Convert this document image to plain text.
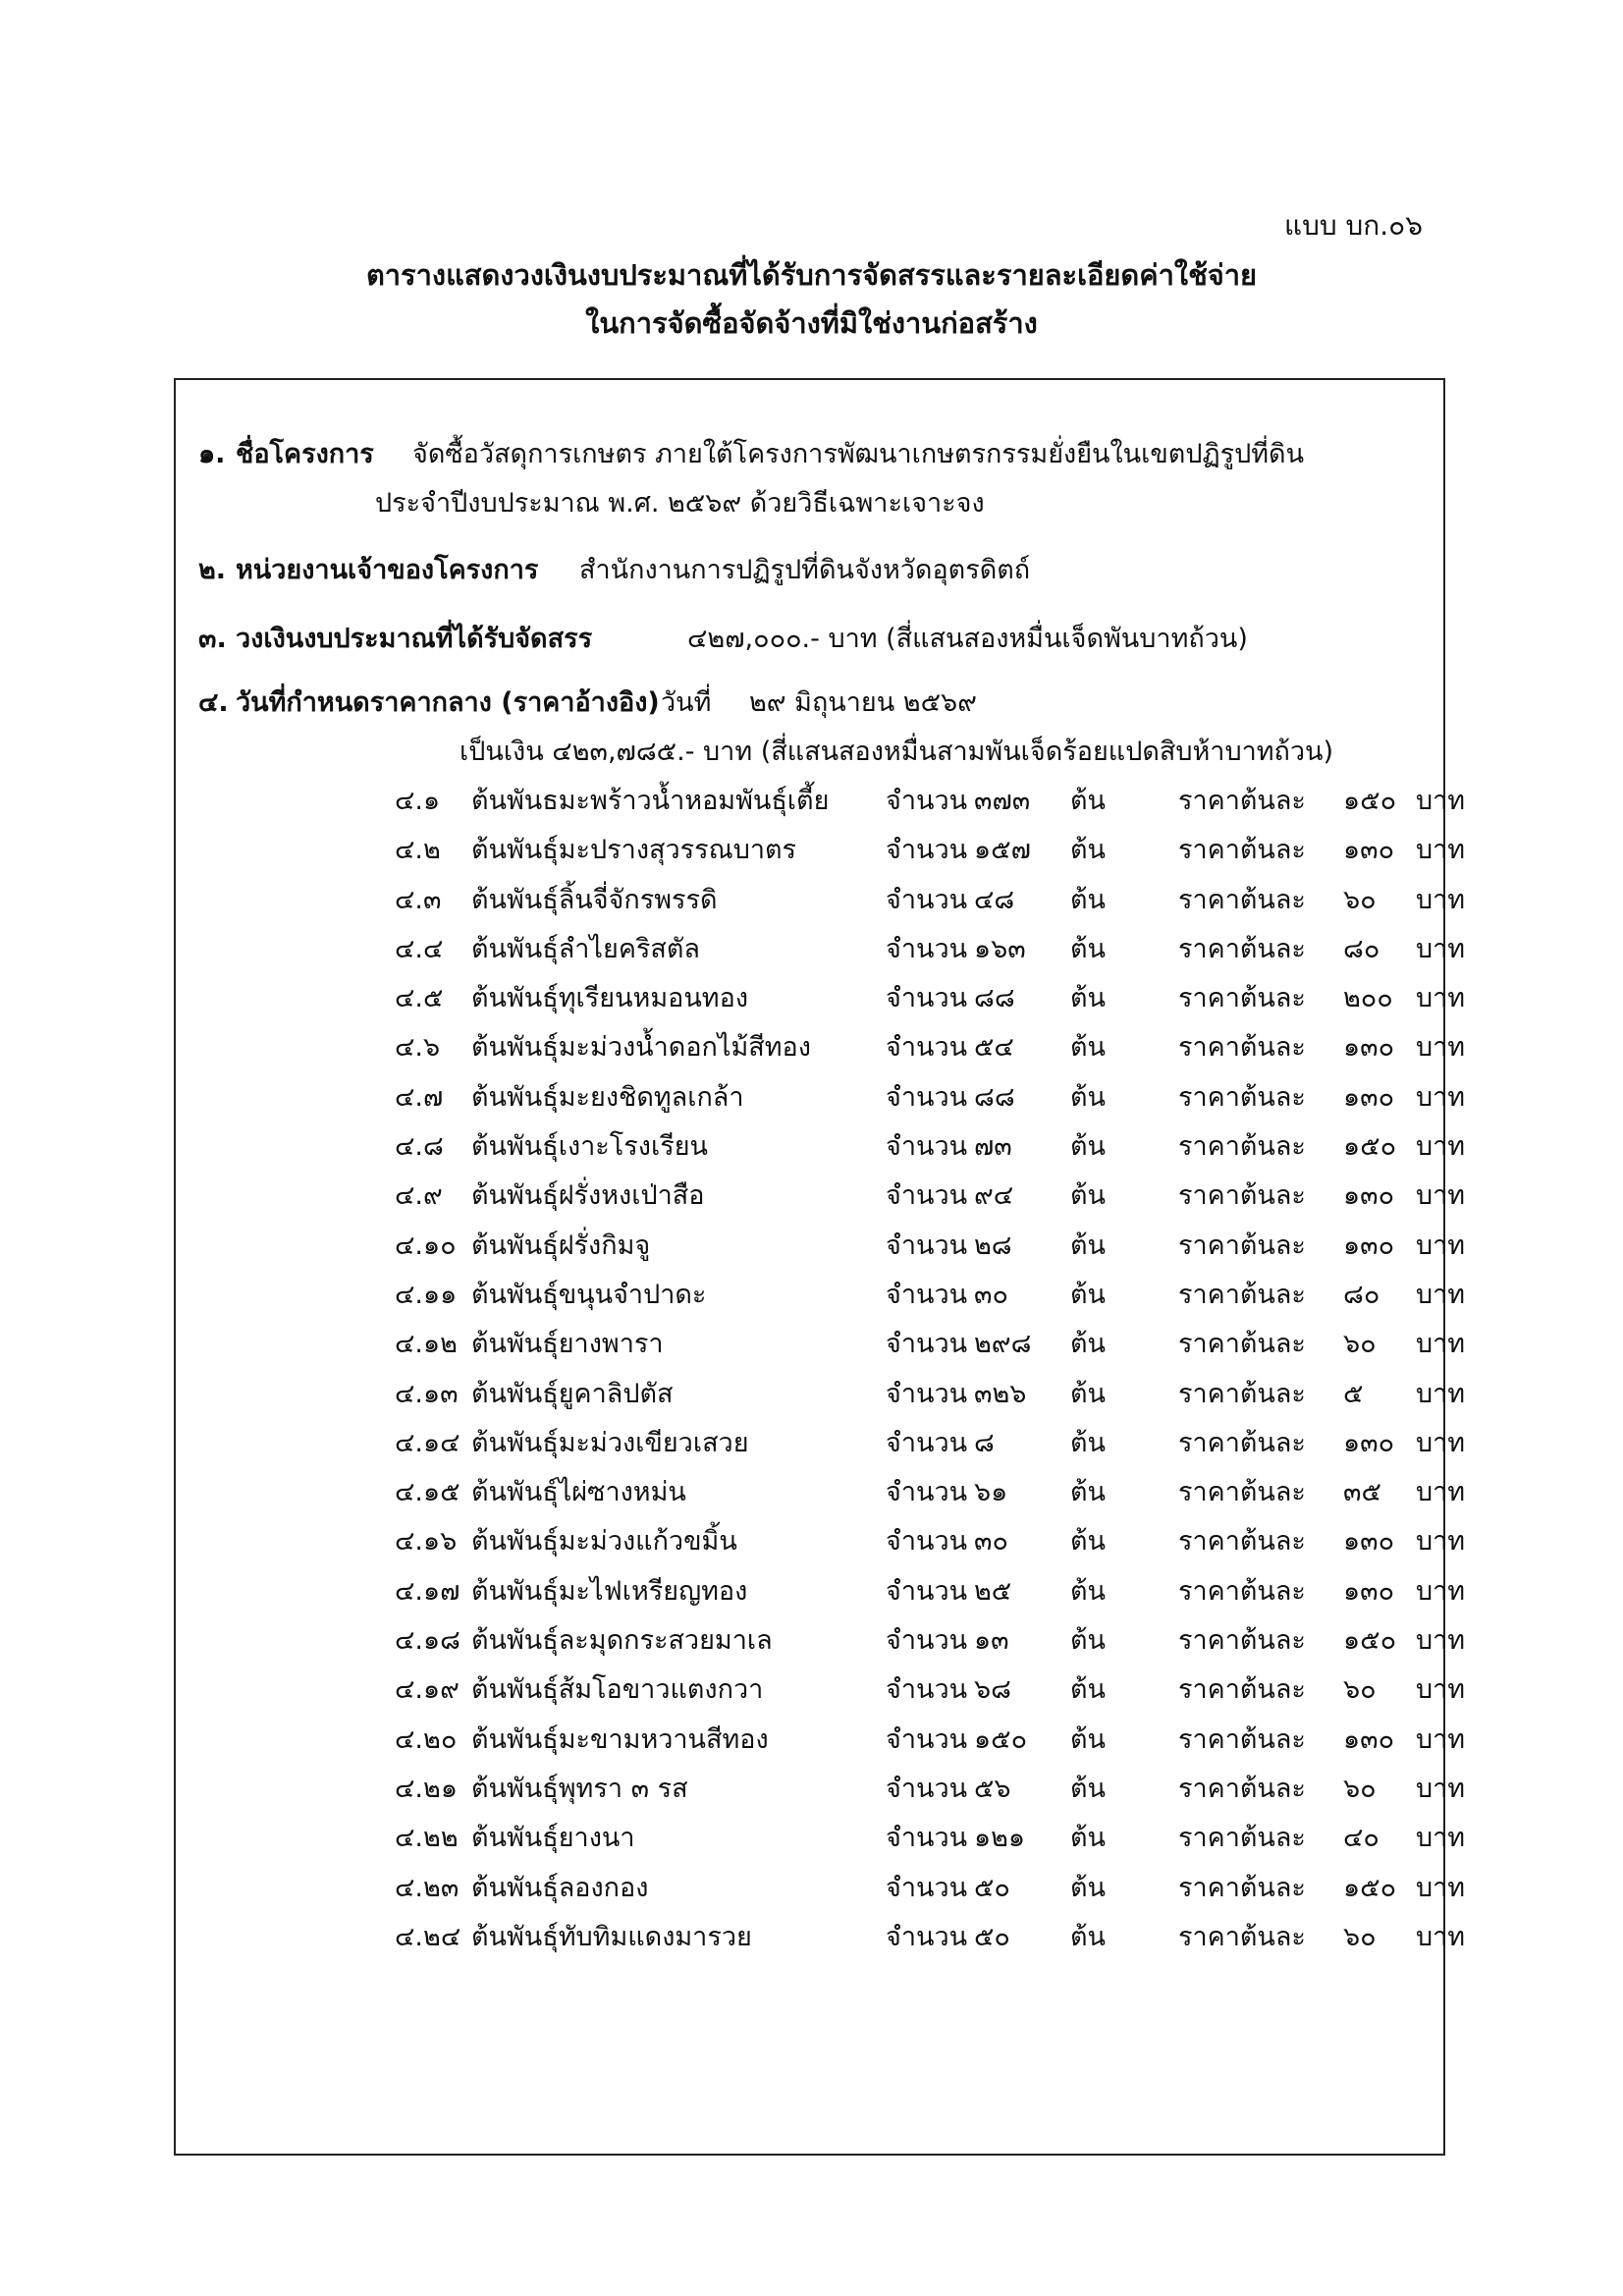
แบบ บก.๐๖
ตารางแสดงวงเงินงบประมาณที่ได้รับการจัดสรรและรายละเอียดค่าใช้จ่าย
ในการจัดซื้อจัดจ้างที่มิใช่งานก่อสร้าง
๑. ชื่อโครงการ จัดซื้อวัสดุการเกษตร ภายใต้โครงการพัฒนาเกษตรกรรมยั่งยืนในเขตปฏิรูปที่ดิน
ประจำปีงบประมาณ พ.ศ. ๒๕๖๙ ด้วยวิธีเฉพาะเจาะจง
๒. หน่วยงานเจ้าของโครงการ สำนักงานการปฏิรูปที่ดินจังหวัดอุตรดิตถ์
๓. วงเงินงบประมาณที่ได้รับจัดสรร	๔๒๗,๐๐๐.- บาท (สี่แสนสองหมื่นเจ็ดพันบาทถ้วน)
๔. วันที่กำหนดราคากลาง (ราคาอ้างอิง) วันที่ ๒๙ มิถุนายน ๒๕๖๙
เป็นเงิน ๔๒๓,๗๘๕.- บาท (สี่แสนสองหมื่นสามพันเจ็ดร้อยแปดสิบห้าบาทถ้วน)
๔.๑ ต้นพันธมะพร้าวน้ำหอมพันธุ์เตี้ย จำนวน ๓๗๓ ต้น	ราคาต้นละ ๑๕๐ บาท
๔.๒ ต้นพันธุ์มะปรางสุวรรณบาตร	จำนวน ๑๕๗ ต้น	ราคาต้นละ ๑๓๐ บาท
๔.๓ ต้นพันธุ์ลิ้นจี่จักรพรรดิ	จำนวน ๔๘ ต้น	ราคาต้นละ ๖๐ บาท
๔.๔ ต้นพันธุ์ลำไยคริสตัล	จำนวน ๑๖๓ ต้น	ราคาต้นละ ๘๐ บาท
๔.๕ ต้นพันธุ์ทุเรียนหมอนทอง	จำนวน ๘๘ ต้น	ราคาต้นละ ๒๐๐ บาท
๔.๖ ต้นพันธุ์มะม่วงน้ำดอกไม้สีทอง	จำนวน ๕๔ ต้น	ราคาต้นละ ๑๓๐ บาท
๔.๗ ต้นพันธุ์มะยงชิดทูลเกล้า	จำนวน ๘๘ ต้น	ราคาต้นละ ๑๓๐ บาท
๔.๘ ต้นพันธุ์เงาะโรงเรียน	จำนวน ๗๓ ต้น	ราคาต้นละ ๑๕๐ บาท
๔.๙ ต้นพันธุ์ฝรั่งหงเป่าสือ	จำนวน ๙๔ ต้น	ราคาต้นละ ๑๓๐ บาท
๔.๑๐ ต้นพันธุ์ฝรั่งกิมจู	จำนวน ๒๘ ต้น	ราคาต้นละ ๑๓๐ บาท
๔.๑๑ ต้นพันธุ์ขนุนจำปาดะ	จำนวน ๓๐ ต้น	ราคาต้นละ ๘๐ บาท
๔.๑๒ ต้นพันธุ์ยางพารา	จำนวน ๒๙๘ ต้น	ราคาต้นละ ๖๐ บาท
๔.๑๓ ต้นพันธุ์ยูคาลิปตัส	จำนวน ๓๒๖ ต้น	ราคาต้นละ ๕ บาท
๔.๑๔ ต้นพันธุ์มะม่วงเขียวเสวย	จำนวน ๘	ต้น	ราคาต้นละ ๑๓๐ บาท
๔.๑๕ ต้นพันธุ์ไผ่ซางหม่น	จำนวน ๖๑ ต้น	ราคาต้นละ ๓๕ บาท
๔.๑๖ ต้นพันธุ์มะม่วงแก้วขมิ้น	จำนวน ๓๐ ต้น	ราคาต้นละ ๑๓๐ บาท
๔.๑๗ ต้นพันธุ์มะไฟเหรียญทอง	จำนวน ๒๕ ต้น	ราคาต้นละ ๑๓๐ บาท
๔.๑๘ ต้นพันธุ์ละมุดกระสวยมาเล	จำนวน ๑๓ ต้น	ราคาต้นละ ๑๕๐ บาท
๔.๑๙ ต้นพันธุ์ส้มโอขาวแตงกวา	จำนวน ๖๘ ต้น	ราคาต้นละ ๖๐ บาท
๔.๒๐ ต้นพันธุ์มะขามหวานสีทอง	จำนวน ๑๕๐ ต้น	ราคาต้นละ ๑๓๐ บาท
๔.๒๑ ต้นพันธุ์พุทรา ๓ รส	จำนวน ๕๖ ต้น	ราคาต้นละ ๖๐ บาท
๔.๒๒ ต้นพันธุ์ยางนา	จำนวน ๑๒๑ ต้น	ราคาต้นละ ๔๐ บาท
๔.๒๓ ต้นพันธุ์ลองกอง	จำนวน ๕๐ ต้น	ราคาต้นละ ๑๕๐ บาท
๔.๒๔ ต้นพันธุ์ทับทิมแดงมารวย	จำนวน ๕๐ ต้น	ราคาต้นละ ๖๐ บาท
